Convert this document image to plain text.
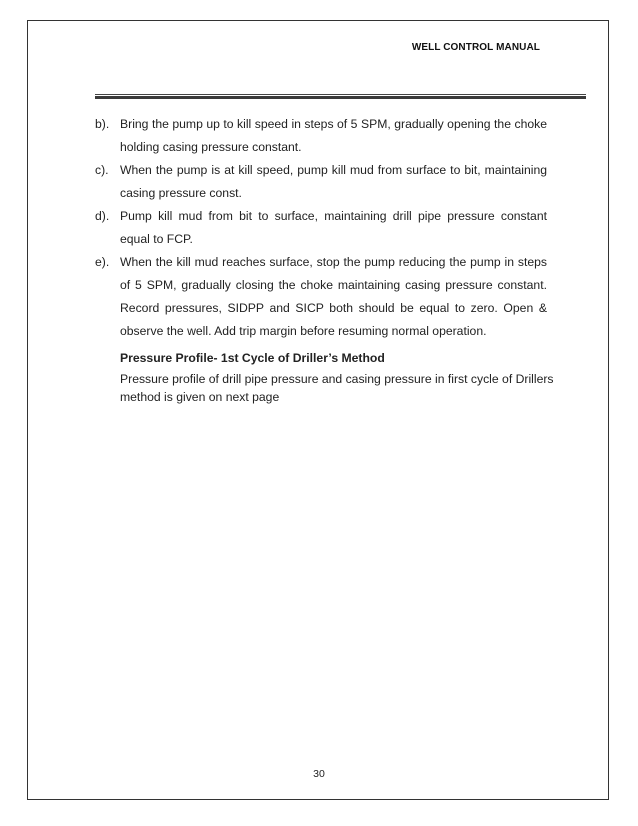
WELL CONTROL MANUAL
b). Bring the pump up to kill speed in steps of 5 SPM, gradually opening the choke holding casing pressure constant.
c). When the pump is at kill speed, pump kill mud from surface to bit, maintaining casing pressure const.
d). Pump kill mud from bit to surface, maintaining drill pipe pressure constant equal to FCP.
e). When the kill mud reaches surface, stop the pump reducing the pump in steps of 5 SPM, gradually closing the choke maintaining casing pressure constant. Record pressures, SIDPP and SICP both should be equal to zero. Open & observe the well. Add trip margin before resuming normal operation.

Pressure Profile- 1st Cycle of Driller’s Method

Pressure profile of drill pipe pressure and casing pressure in first cycle of Drillers method is given on next page

30
